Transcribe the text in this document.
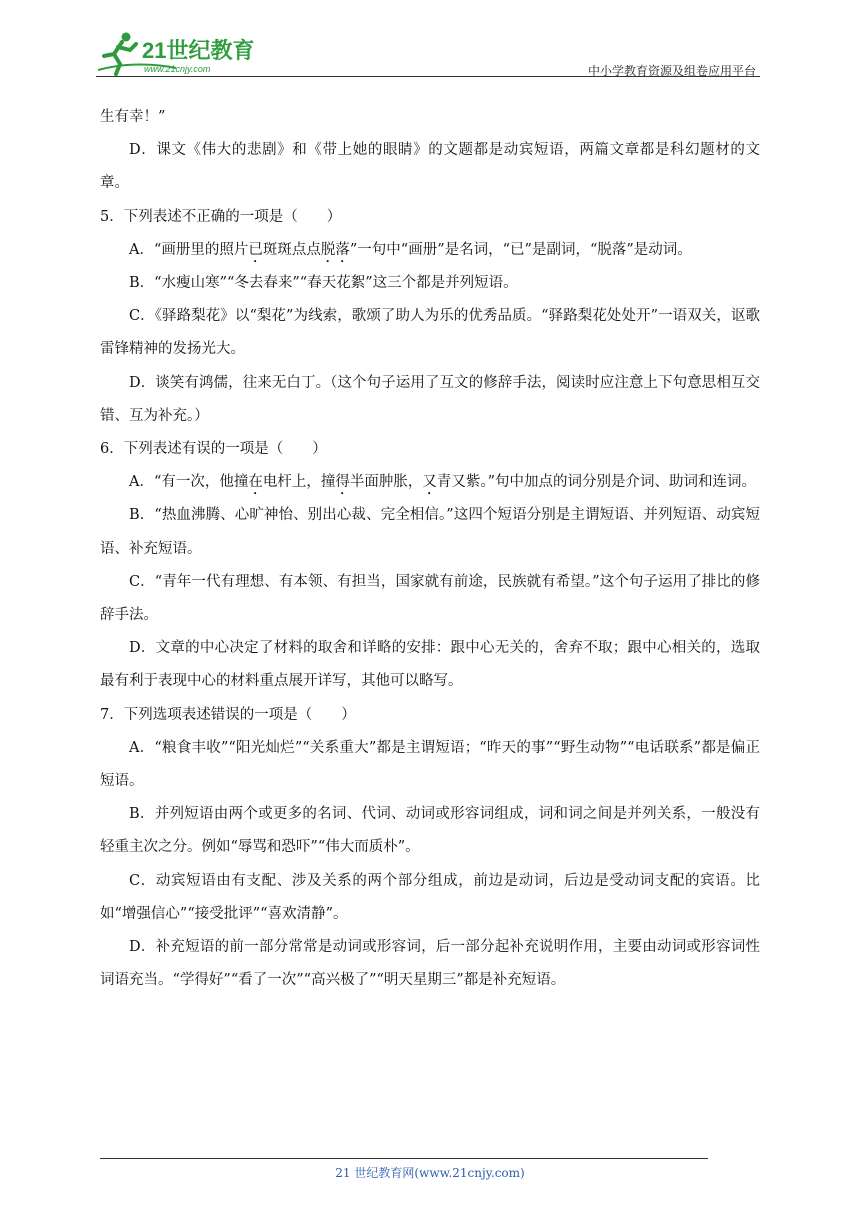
21世纪教育
www.21cnjy.com	中小学教育资源及组卷应用平台

生有幸！”

D．课文《伟大的悲剧》和《带上她的眼睛》的文题都是动宾短语，两篇文章都是科幻题材的文章。

5．下列表述不正确的一项是（　　）

A．“画册里的照片已斑斑点点脱落”一句中“画册”是名词，“已”是副词，“脱落”是动词。

B．“水瘦山寒”“冬去春来”“春天花絮”这三个都是并列短语。

C．《驿路梨花》以“梨花”为线索，歌颂了助人为乐的优秀品质。“驿路梨花处处开”一语双关，讴歌雷锋精神的发扬光大。

D．谈笑有鸿儒，往来无白丁。（这个句子运用了互文的修辞手法，阅读时应注意上下句意思相互交错、互为补充。）

6．下列表述有误的一项是（　　）

A．“有一次，他撞在电杆上，撞得半面肿胀，又青又紫。”句中加点的词分别是介词、助词和连词。

B．“热血沸腾、心旷神怡、别出心裁、完全相信。”这四个短语分别是主谓短语、并列短语、动宾短语、补充短语。

C．“青年一代有理想、有本领、有担当，国家就有前途，民族就有希望。”这个句子运用了排比的修辞手法。

D．文章的中心决定了材料的取舍和详略的安排：跟中心无关的，舍弃不取；跟中心相关的，选取最有利于表现中心的材料重点展开详写，其他可以略写。

7．下列选项表述错误的一项是（　　）

A．“粮食丰收”“阳光灿烂”“关系重大”都是主谓短语；“昨天的事”“野生动物”“电话联系”都是偏正短语。

B．并列短语由两个或更多的名词、代词、动词或形容词组成，词和词之间是并列关系，一般没有轻重主次之分。例如“辱骂和恐吓”“伟大而质朴”。

C．动宾短语由有支配、涉及关系的两个部分组成，前边是动词，后边是受动词支配的宾语。比如“增强信心”“接受批评”“喜欢清静”。

D．补充短语的前一部分常常是动词或形容词，后一部分起补充说明作用，主要由动词或形容词性词语充当。“学得好”“看了一次”“高兴极了”“明天星期三”都是补充短语。

21 世纪教育网(www.21cnjy.com)
